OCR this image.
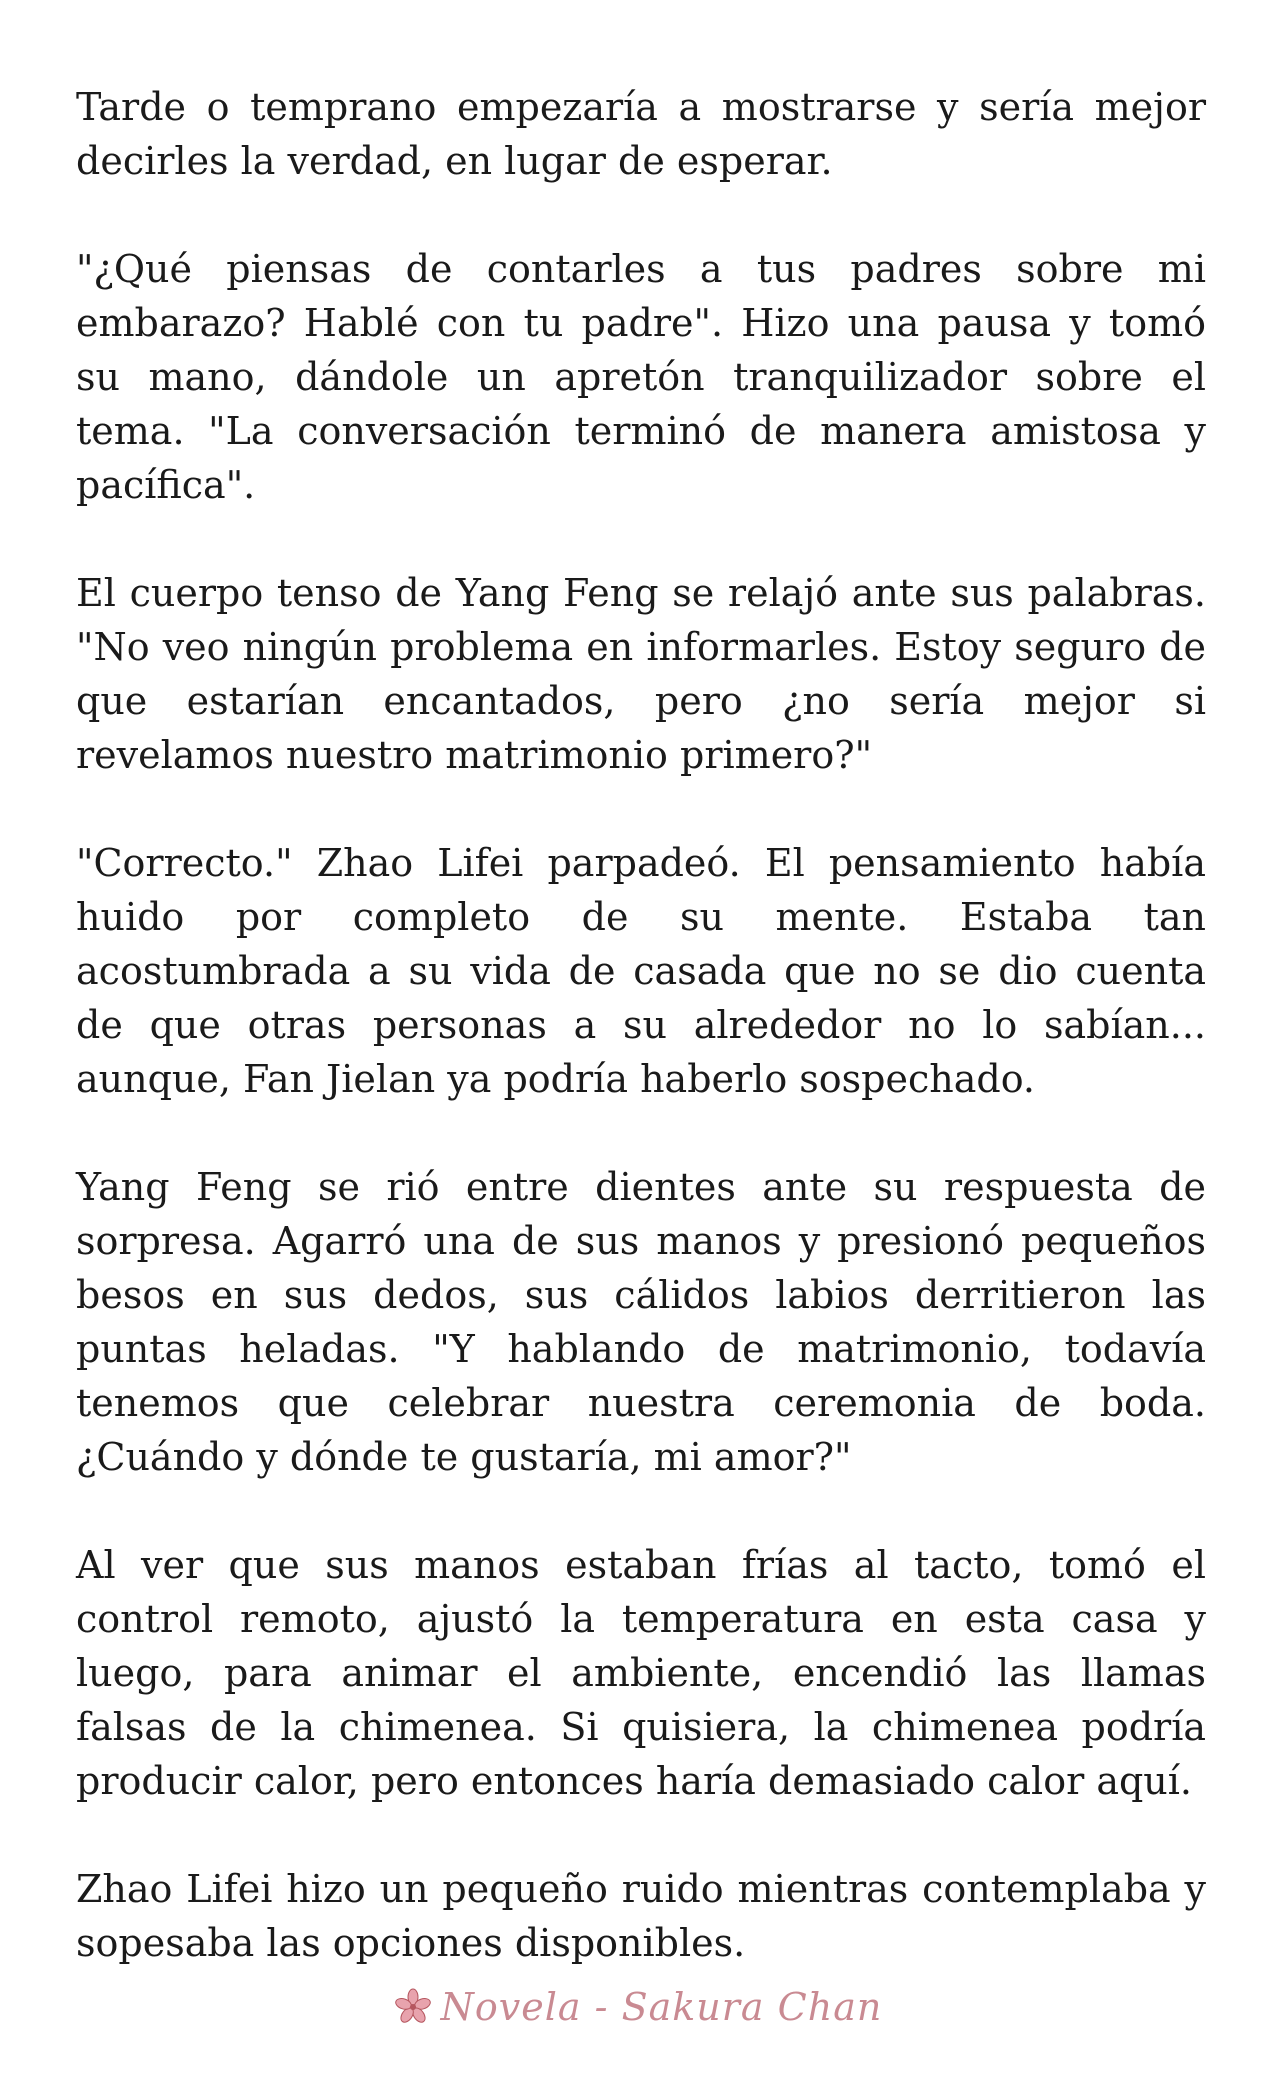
Tarde o temprano empezaría a mostrarse y sería mejor decirles la verdad, en lugar de esperar.

"¿Qué piensas de contarles a tus padres sobre mi embarazo? Hablé con tu padre". Hizo una pausa y tomó su mano, dándole un apretón tranquilizador sobre el tema. "La conversación terminó de manera amistosa y pacífica".

El cuerpo tenso de Yang Feng se relajó ante sus palabras. "No veo ningún problema en informarles. Estoy seguro de que estarían encantados, pero ¿no sería mejor si revelamos nuestro matrimonio primero?"

"Correcto." Zhao Lifei parpadeó. El pensamiento había huido por completo de su mente. Estaba tan acostumbrada a su vida de casada que no se dio cuenta de que otras personas a su alrededor no lo sabían... aunque, Fan Jielan ya podría haberlo sospechado.

Yang Feng se rió entre dientes ante su respuesta de sorpresa. Agarró una de sus manos y presionó pequeños besos en sus dedos, sus cálidos labios derritieron las puntas heladas. "Y hablando de matrimonio, todavía tenemos que celebrar nuestra ceremonia de boda. ¿Cuándo y dónde te gustaría, mi amor?"

Al ver que sus manos estaban frías al tacto, tomó el control remoto, ajustó la temperatura en esta casa y luego, para animar el ambiente, encendió las llamas falsas de la chimenea. Si quisiera, la chimenea podría producir calor, pero entonces haría demasiado calor aquí.

Zhao Lifei hizo un pequeño ruido mientras contemplaba y sopesaba las opciones disponibles.

Novela - Sakura Chan
